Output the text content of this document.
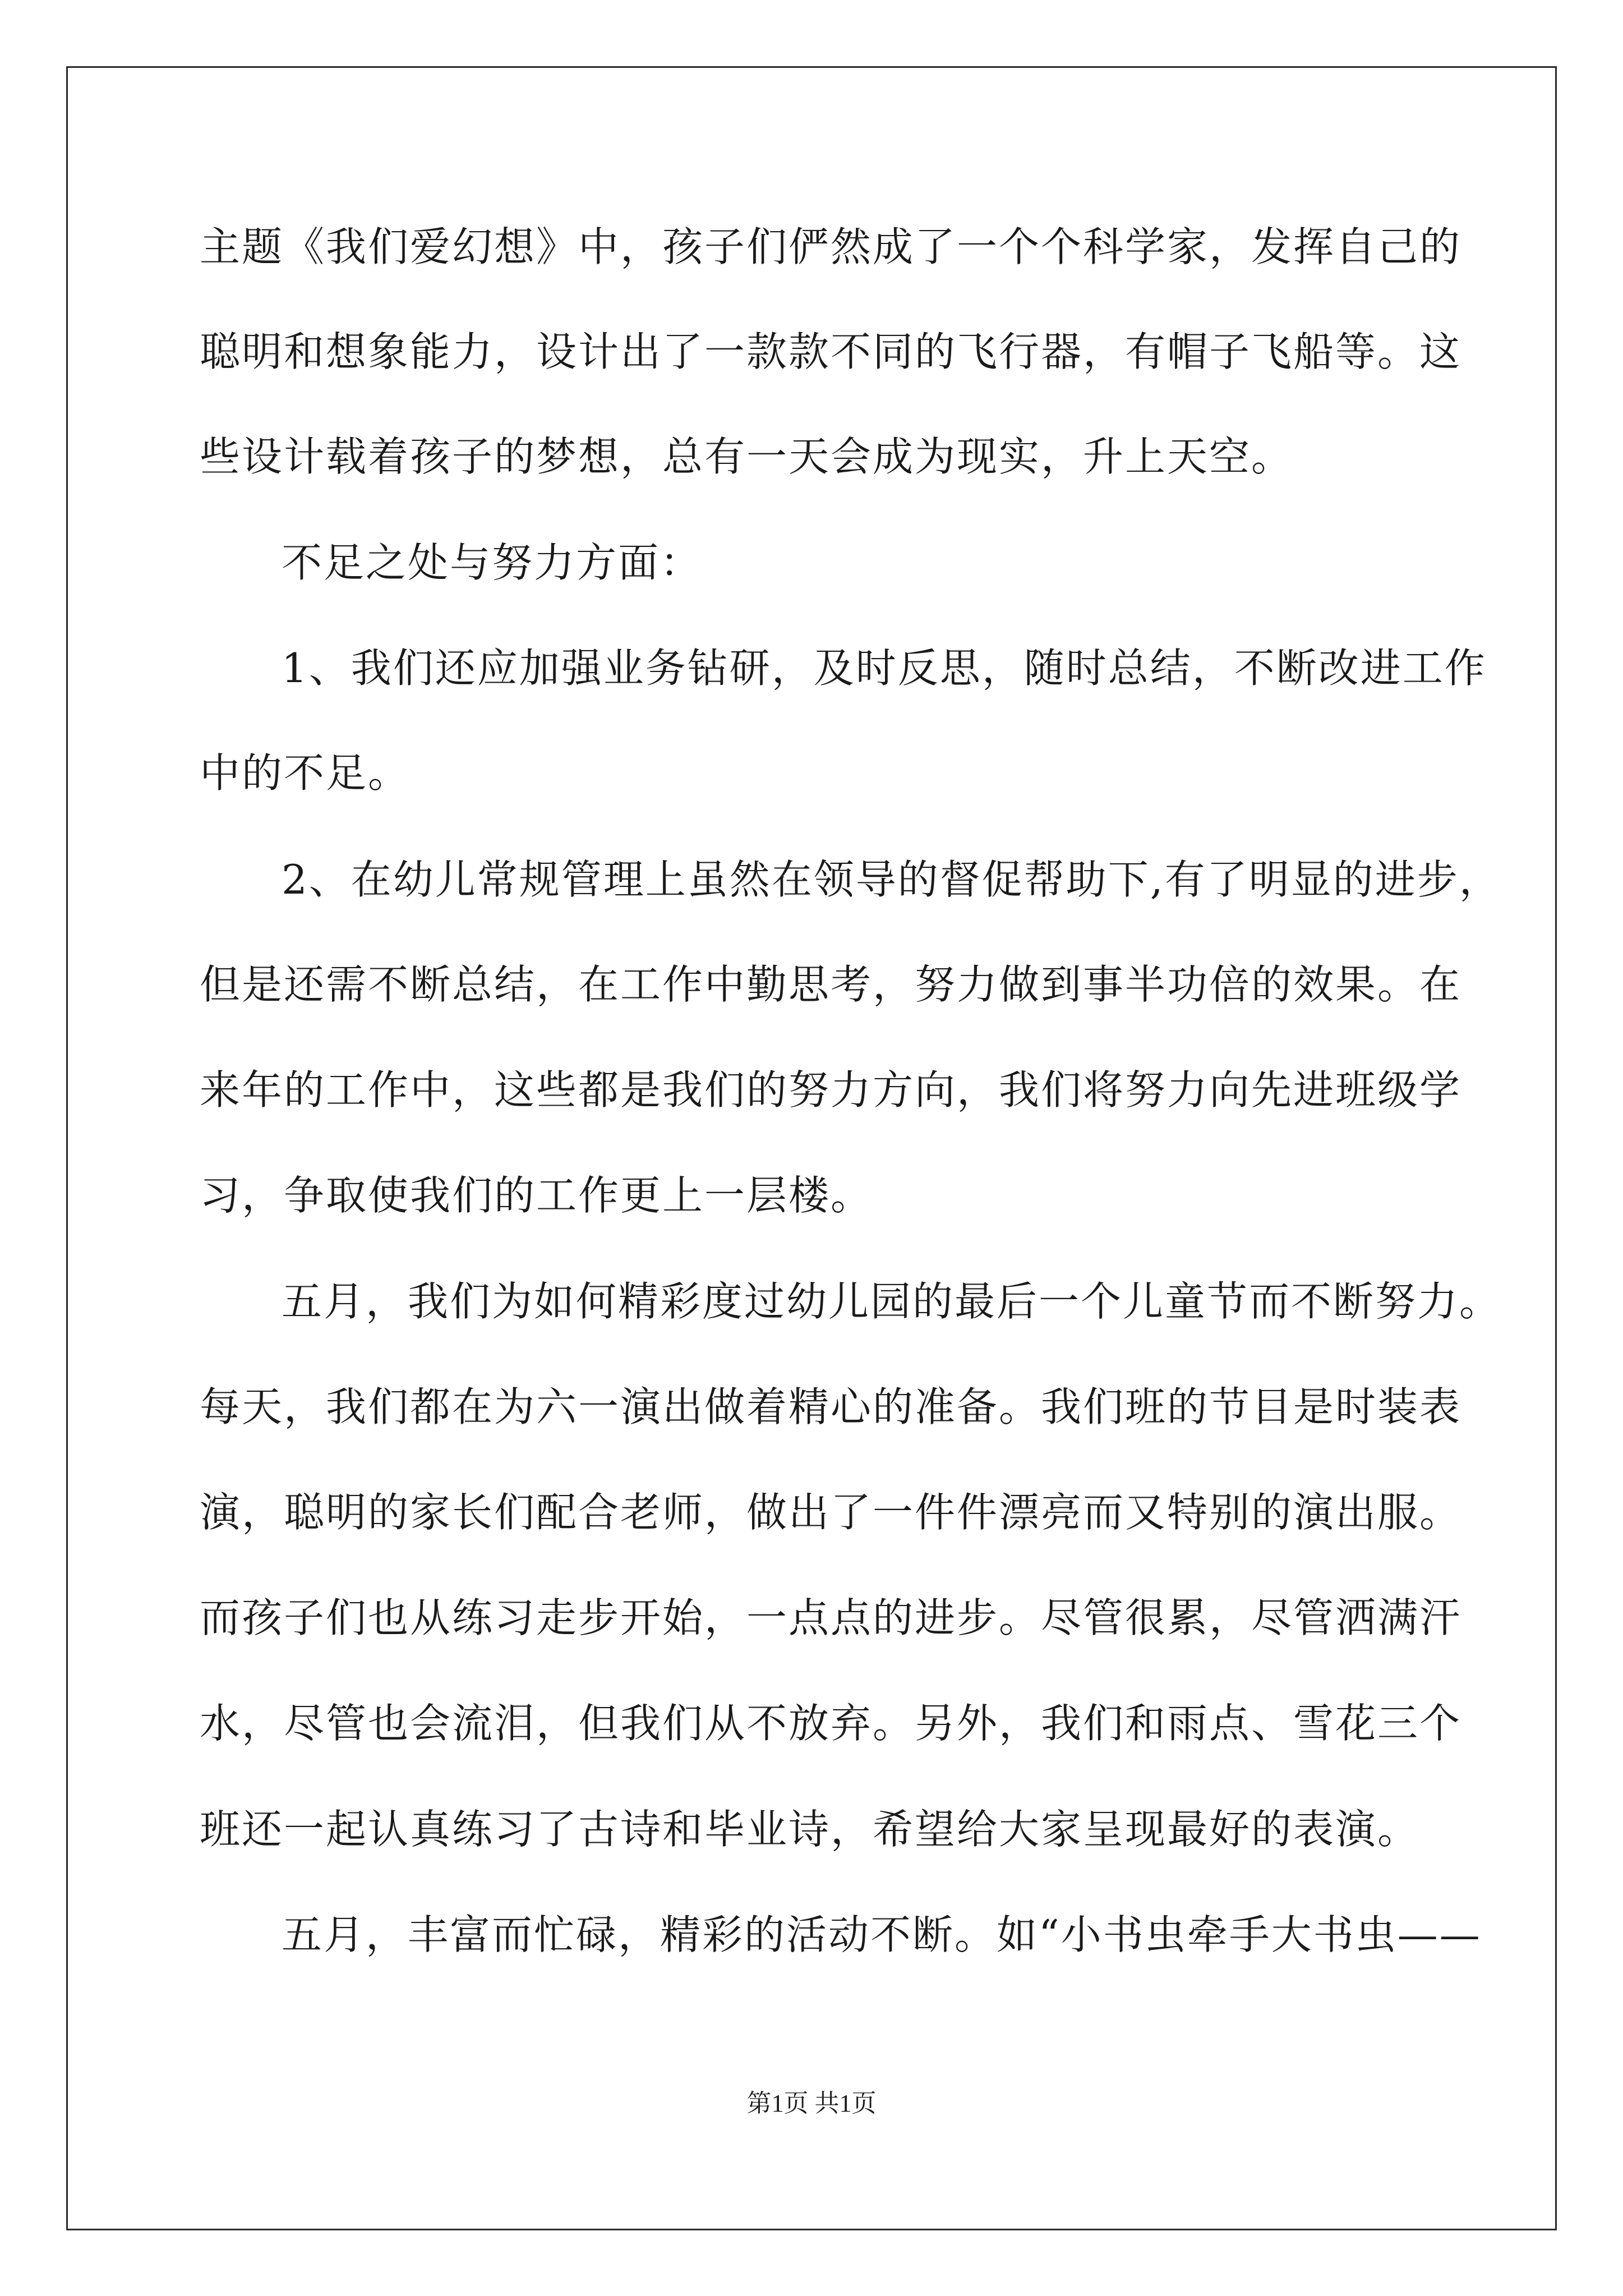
主题《我们爱幻想》中，孩子们俨然成了一个个科学家，发挥自己的
聪明和想象能力，设计出了一款款不同的飞行器，有帽子飞船等。这
些设计载着孩子的梦想，总有一天会成为现实，升上天空。
不足之处与努力方面：
1、我们还应加强业务钻研，及时反思，随时总结，不断改进工作
中的不足。
2、在幼儿常规管理上虽然在领导的督促帮助下,有了明显的进步，
但是还需不断总结，在工作中勤思考，努力做到事半功倍的效果。在
来年的工作中，这些都是我们的努力方向，我们将努力向先进班级学
习，争取使我们的工作更上一层楼。
五月，我们为如何精彩度过幼儿园的最后一个儿童节而不断努力。
每天，我们都在为六一演出做着精心的准备。我们班的节目是时装表
演，聪明的家长们配合老师，做出了一件件漂亮而又特别的演出服。
而孩子们也从练习走步开始，一点点的进步。尽管很累，尽管洒满汗
水，尽管也会流泪，但我们从不放弃。另外，我们和雨点、雪花三个
班还一起认真练习了古诗和毕业诗，希望给大家呈现最好的表演。
五月，丰富而忙碌，精彩的活动不断。如“小书虫牵手大书虫——
第1页 共1页
